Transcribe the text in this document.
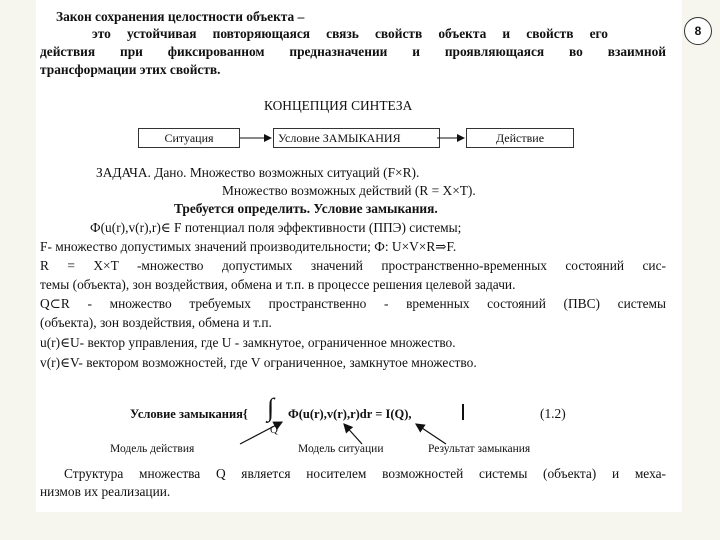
8
Закон сохранения целостности объекта –
это устойчивая повторяющаяся связь свойств объекта и свойств его
действия при фиксированном предназначении и проявляющаяся во взаимной
трансформации этих свойств.
КОНЦЕПЦИЯ СИНТЕЗА
Ситуация	Условие ЗАМЫКАНИЯ	Действие
ЗАДАЧА. Дано. Множество возможных ситуаций (F×R).
Множество возможных действий (R = X×T).
Требуется определить. Условие замыкания.
Ф(u(r),v(r),r)∈ F потенциал поля эффективности (ППЭ) системы;
F- множество допустимых значений производительности; Ф: U×V×R⇒F.
R = X×T -множество допустимых значений пространственно-временных состояний сис-
темы (объекта), зон воздействия, обмена и т.п. в процессе решения целевой задачи.
Q⊂R - множество требуемых пространственно - временных состояний (ПВС) системы
(объекта), зон воздействия, обмена и т.п.
u(r)∈U- вектор управления, где U - замкнутое, ограниченное множество.
v(r)∈V- вектором возможностей, где V ограниченное, замкнутое множество.
Условие замыкания{ ∫
Q
Ф(u(r),v(r),r)dr = I(Q),	(1.2)
Модель действия	Модель ситуации	Результат замыкания
Структура множества Q является носителем возможностей системы (объекта) и меха-
низмов их реализации.
